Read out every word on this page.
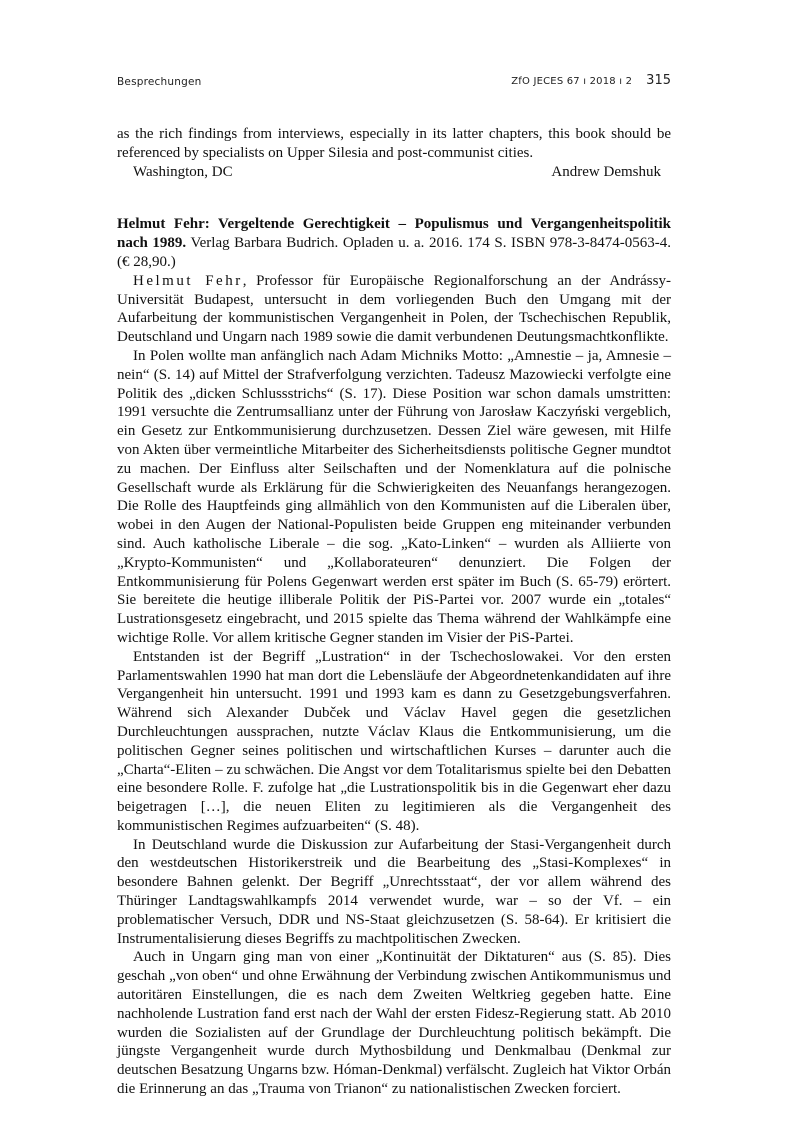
Besprechungen	ZfO JECES 67 ı 2018 ı 2 315

as the rich findings from interviews, especially in its latter chapters, this book should be referenced by specialists on Upper Silesia and post-communist cities.

Washington, DC	Andrew Demshuk

Helmut Fehr: Vergeltende Gerechtigkeit – Populismus und Vergangenheitspolitik nach 1989. Verlag Barbara Budrich. Opladen u. a. 2016. 174 S. ISBN 978-3-8474-0563-4. (€ 28,90.)

Helmut Fehr, Professor für Europäische Regionalforschung an der Andrássy-Universität Budapest, untersucht in dem vorliegenden Buch den Umgang mit der Aufarbeitung der kommunistischen Vergangenheit in Polen, der Tschechischen Republik, Deutschland und Ungarn nach 1989 sowie die damit verbundenen Deutungsmachtkonflikte.

In Polen wollte man anfänglich nach Adam Michniks Motto: „Amnestie – ja, Amnesie – nein“ (S. 14) auf Mittel der Strafverfolgung verzichten. Tadeusz Mazowiecki verfolgte eine Politik des „dicken Schlussstrichs“ (S. 17). Diese Position war schon damals umstritten: 1991 versuchte die Zentrumsallianz unter der Führung von Jarosław Kaczyński vergeblich, ein Gesetz zur Entkommunisierung durchzusetzen. Dessen Ziel wäre gewesen, mit Hilfe von Akten über vermeintliche Mitarbeiter des Sicherheitsdiensts politische Gegner mundtot zu machen. Der Einfluss alter Seilschaften und der Nomenklatura auf die polnische Gesellschaft wurde als Erklärung für die Schwierigkeiten des Neuanfangs herangezogen. Die Rolle des Hauptfeinds ging allmählich von den Kommunisten auf die Liberalen über, wobei in den Augen der National-Populisten beide Gruppen eng miteinander verbunden sind. Auch katholische Liberale – die sog. „Kato-Linken“ – wurden als Alliierte von „Krypto-Kommunisten“ und „Kollaborateuren“ denunziert. Die Folgen der Entkommunisierung für Polens Gegenwart werden erst später im Buch (S. 65-79) erörtert. Sie bereitete die heutige illiberale Politik der PiS-Partei vor. 2007 wurde ein „totales“ Lustrationsgesetz eingebracht, und 2015 spielte das Thema während der Wahlkämpfe eine wichtige Rolle. Vor allem kritische Gegner standen im Visier der PiS-Partei.

Entstanden ist der Begriff „Lustration“ in der Tschechoslowakei. Vor den ersten Parlamentswahlen 1990 hat man dort die Lebensläufe der Abgeordnetenkandidaten auf ihre Vergangenheit hin untersucht. 1991 und 1993 kam es dann zu Gesetzgebungsverfahren. Während sich Alexander Dubček und Václav Havel gegen die gesetzlichen Durchleuchtungen aussprachen, nutzte Václav Klaus die Entkommunisierung, um die politischen Gegner seines politischen und wirtschaftlichen Kurses – darunter auch die „Charta“-Eliten – zu schwächen. Die Angst vor dem Totalitarismus spielte bei den Debatten eine besondere Rolle. F. zufolge hat „die Lustrationspolitik bis in die Gegenwart eher dazu beigetragen […], die neuen Eliten zu legitimieren als die Vergangenheit des kommunistischen Regimes aufzuarbeiten“ (S. 48).

In Deutschland wurde die Diskussion zur Aufarbeitung der Stasi-Vergangenheit durch den westdeutschen Historikerstreik und die Bearbeitung des „Stasi-Komplexes“ in besondere Bahnen gelenkt. Der Begriff „Unrechtsstaat“, der vor allem während des Thüringer Landtagswahlkampfs 2014 verwendet wurde, war – so der Vf. – ein problematischer Versuch, DDR und NS-Staat gleichzusetzen (S. 58-64). Er kritisiert die Instrumentalisierung dieses Begriffs zu machtpolitischen Zwecken.

Auch in Ungarn ging man von einer „Kontinuität der Diktaturen“ aus (S. 85). Dies geschah „von oben“ und ohne Erwähnung der Verbindung zwischen Antikommunismus und autoritären Einstellungen, die es nach dem Zweiten Weltkrieg gegeben hatte. Eine nachholende Lustration fand erst nach der Wahl der ersten Fidesz-Regierung statt. Ab 2010 wurden die Sozialisten auf der Grundlage der Durchleuchtung politisch bekämpft. Die jüngste Vergangenheit wurde durch Mythosbildung und Denkmalbau (Denkmal zur deutschen Besatzung Ungarns bzw. Hóman-Denkmal) verfälscht. Zugleich hat Viktor Orbán die Erinnerung an das „Trauma von Trianon“ zu nationalistischen Zwecken forciert.
